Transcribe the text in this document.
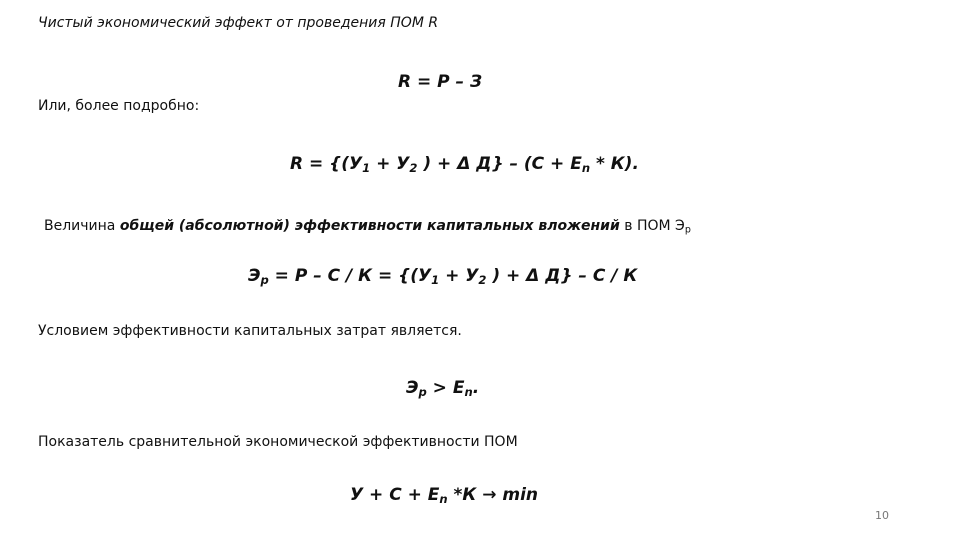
Чистый экономический эффект от проведения ПОМ R
R = P – З
Или, более подробно:
$R = \{(У_1 + У_2$ ) + Δ $Д\} - (С + Е_n * К)$.
Величина общей (абсолютной) эффективности капитальных вложений в ПОМ $Э_р$
$Э_р = Р - С / К = \{(У_1 + У_2$ ) + Δ Д} – С / К
Условием эффективности капитальных затрат является.
$Э_р > Е_n$.
Показатель сравнительной экономической эффективности ПОМ
$У + С + Е_n$ *К → min
10
